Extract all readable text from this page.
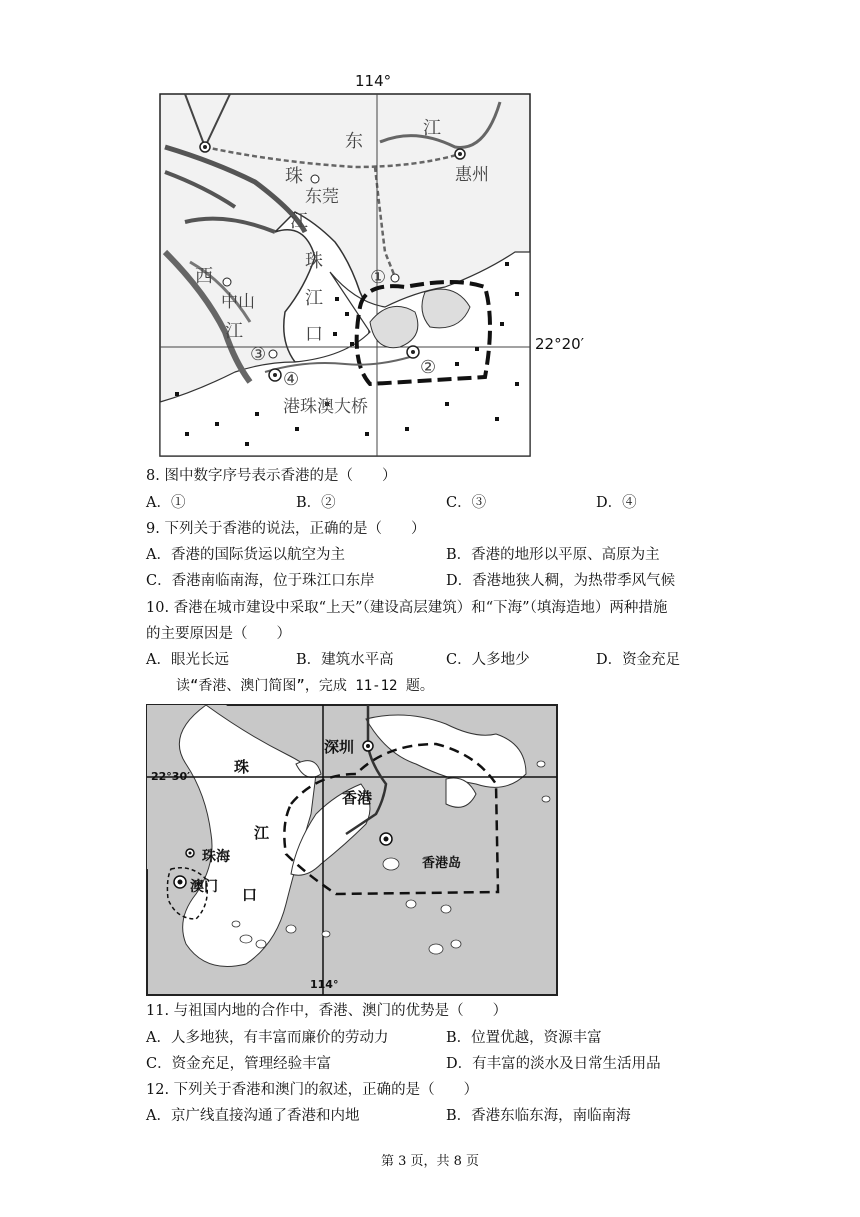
114°
22°20′
东
江
惠州
珠
东莞
江
珠
西
中山	江
江	口
①
②
③
④
港珠澳大桥
8. 图中数字序号表示香港的是（　　）
A．①	B．②	C．③	D．④
9. 下列关于香港的说法，正确的是（　　）
A．香港的国际货运以航空为主	B．香港的地形以平原、高原为主
C．香港南临南海，位于珠江口东岸	D．香港地狭人稠，为热带季风气候
10. 香港在城市建设中采取“上天”（建设高层建筑）和“下海”（填海造地）两种措施
的主要原因是（　　）
A．眼光长远	B．建筑水平高	C．人多地少	D．资金充足
读“香港、澳门简图”，完成 11-12 题。
22°30′
114°
深圳
珠
香港
江
珠海	香港岛
澳门 口
11. 与祖国内地的合作中，香港、澳门的优势是（　　）
A．人多地狭，有丰富而廉价的劳动力	B．位置优越，资源丰富
C．资金充足，管理经验丰富	D．有丰富的淡水及日常生活用品
12. 下列关于香港和澳门的叙述，正确的是（　　）
A．京广线直接沟通了香港和内地	B．香港东临东海，南临南海
第 3 页，共 8 页
